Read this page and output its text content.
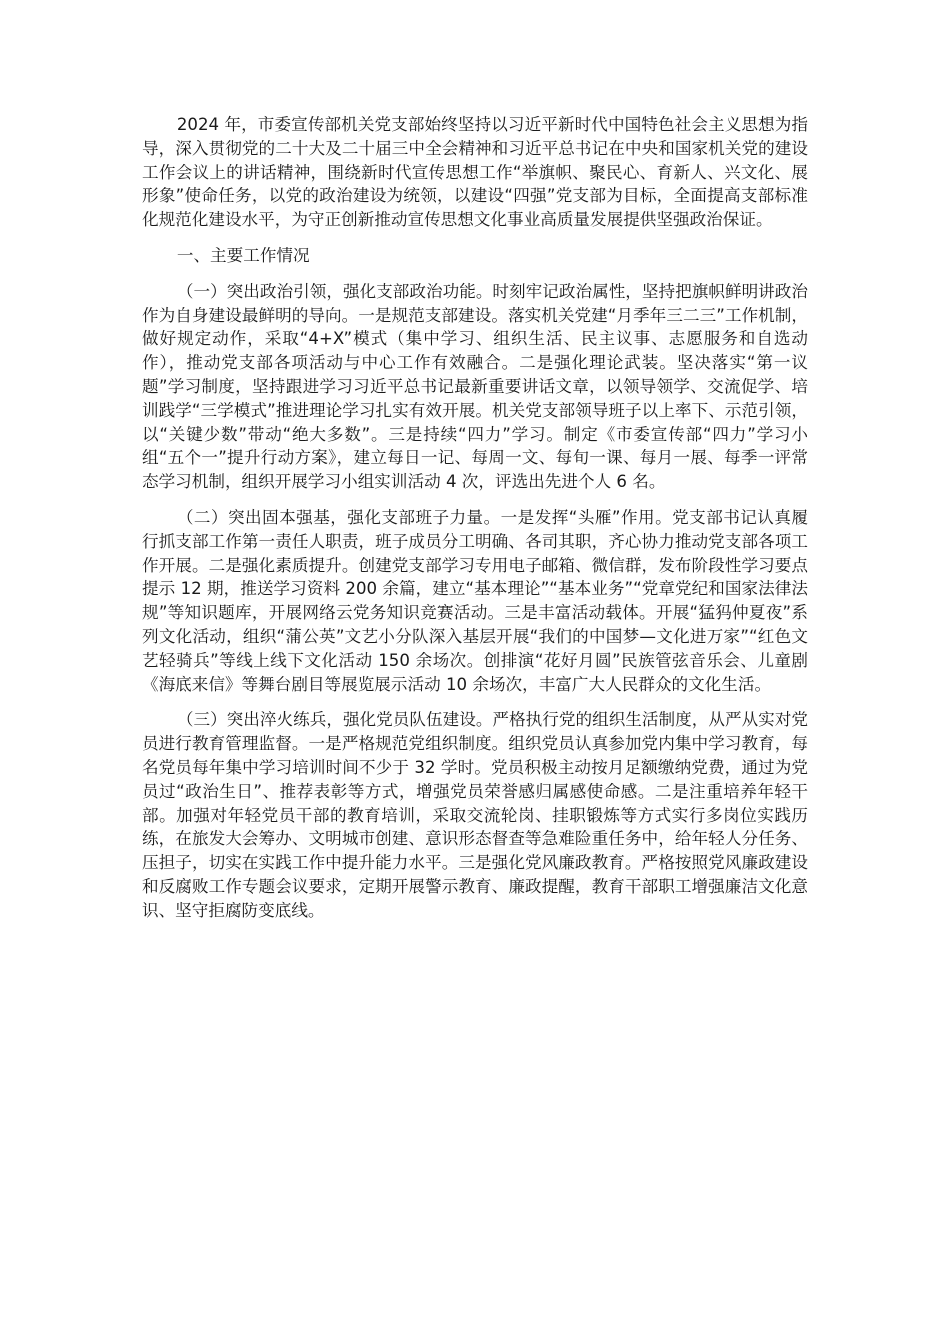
2024 年，市委宣传部机关党支部始终坚持以习近平新时代中国特色社会主义思想为指导，深入贯彻党的二十大及二十届三中全会精神和习近平总书记在中央和国家机关党的建设工作会议上的讲话精神，围绕新时代宣传思想工作“举旗帜、聚民心、育新人、兴文化、展形象”使命任务，以党的政治建设为统领，以建设“四强”党支部为目标，全面提高支部标准化规范化建设水平，为守正创新推动宣传思想文化事业高质量发展提供坚强政治保证。

一、主要工作情况

（一）突出政治引领，强化支部政治功能。时刻牢记政治属性，坚持把旗帜鲜明讲政治作为自身建设最鲜明的导向。一是规范支部建设。落实机关党建“月季年三二三”工作机制，做好规定动作，采取“4+X”模式（集中学习、组织生活、民主议事、志愿服务和自选动作），推动党支部各项活动与中心工作有效融合。二是强化理论武装。坚决落实“第一议题”学习制度，坚持跟进学习习近平总书记最新重要讲话文章，以领导领学、交流促学、培训践学“三学模式”推进理论学习扎实有效开展。机关党支部领导班子以上率下、示范引领，以“关键少数”带动“绝大多数”。三是持续“四力”学习。制定《市委宣传部“四力”学习小组“五个一”提升行动方案》，建立每日一记、每周一文、每旬一课、每月一展、每季一评常态学习机制，组织开展学习小组实训活动 4 次，评选出先进个人 6 名。

（二）突出固本强基，强化支部班子力量。一是发挥“头雁”作用。党支部书记认真履行抓支部工作第一责任人职责，班子成员分工明确、各司其职，齐心协力推动党支部各项工作开展。二是强化素质提升。创建党支部学习专用电子邮箱、微信群，发布阶段性学习要点提示 12 期，推送学习资料 200 余篇，建立“基本理论”“基本业务”“党章党纪和国家法律法规”等知识题库，开展网络云党务知识竞赛活动。三是丰富活动载体。开展“猛犸仲夏夜”系列文化活动，组织“蒲公英”文艺小分队深入基层开展“我们的中国梦—文化进万家”“红色文艺轻骑兵”等线上线下文化活动 150 余场次。创排演“花好月圆”民族管弦音乐会、儿童剧《海底来信》等舞台剧目等展览展示活动 10 余场次，丰富广大人民群众的文化生活。

（三）突出淬火练兵，强化党员队伍建设。严格执行党的组织生活制度，从严从实对党员进行教育管理监督。一是严格规范党组织制度。组织党员认真参加党内集中学习教育，每名党员每年集中学习培训时间不少于 32 学时。党员积极主动按月足额缴纳党费，通过为党员过“政治生日”、推荐表彰等方式，增强党员荣誉感归属感使命感。二是注重培养年轻干部。加强对年轻党员干部的教育培训，采取交流轮岗、挂职锻炼等方式实行多岗位实践历练，在旅发大会筹办、文明城市创建、意识形态督查等急难险重任务中，给年轻人分任务、压担子，切实在实践工作中提升能力水平。三是强化党风廉政教育。严格按照党风廉政建设和反腐败工作专题会议要求，定期开展警示教育、廉政提醒，教育干部职工增强廉洁文化意识、坚守拒腐防变底线。
